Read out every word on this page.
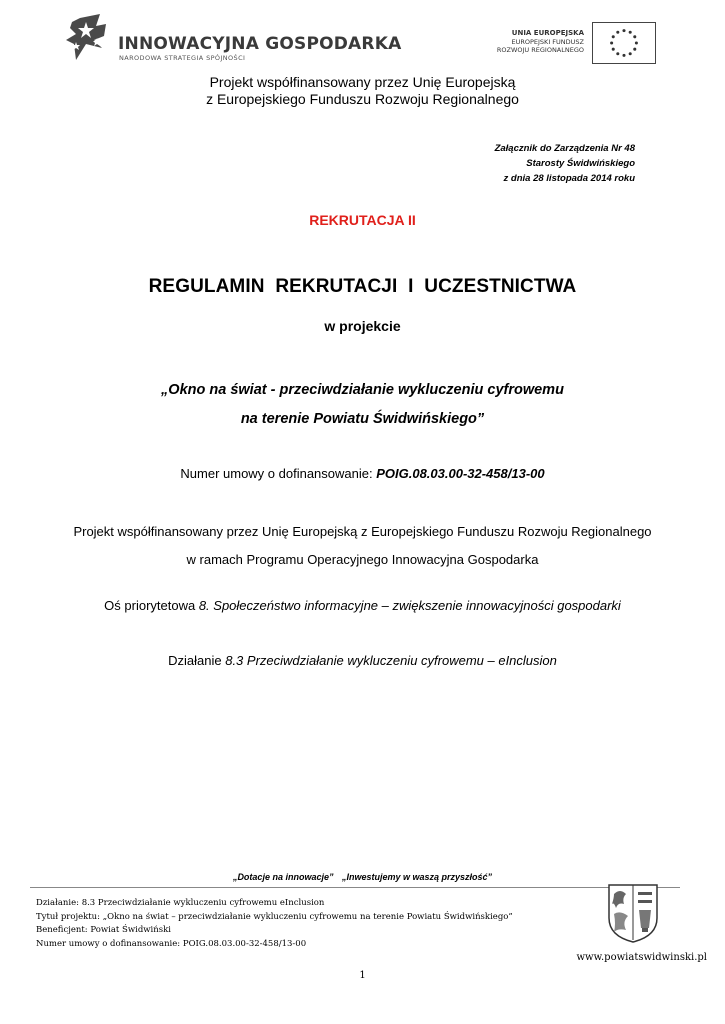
INNOWACYJNA GOSPODARKA
NARODOWA STRATEGIA SPÓJNOŚCI
UNIA EUROPEJSKA
EUROPEJSKI FUNDUSZ
ROZWOJU REGIONALNEGO
Projekt współfinansowany przez Unię Europejską
z Europejskiego Funduszu Rozwoju Regionalnego
Załącznik do Zarządzenia Nr 48
Starosty Świdwińskiego
z dnia 28 listopada 2014 roku
REKRUTACJA II
REGULAMIN  REKRUTACJI  I  UCZESTNICTWA
w projekcie
„Okno na świat - przeciwdziałanie wykluczeniu cyfrowemu
na terenie Powiatu Świdwińskiego”
Numer umowy o dofinansowanie: POIG.08.03.00-32-458/13-00
Projekt współfinansowany przez Unię Europejską z Europejskiego Funduszu Rozwoju Regionalnego
w ramach Programu Operacyjnego Innowacyjna Gospodarka
Oś priorytetowa 8. Społeczeństwo informacyjne – zwiększenie innowacyjności gospodarki
Działanie 8.3 Przeciwdziałanie wykluczeniu cyfrowemu – eInclusion
„Dotacje na innowacje” „Inwestujemy w waszą przyszłość”
Działanie: 8.3 Przeciwdziałanie wykluczeniu cyfrowemu eInclusion
Tytuł projektu: „Okno na świat – przeciwdziałanie wykluczeniu cyfrowemu na terenie Powiatu Świdwińskiego”
Beneficjent: Powiat Świdwiński
Numer umowy o dofinansowanie: POIG.08.03.00-32-458/13-00
www.powiatswidwinski.pl
1
